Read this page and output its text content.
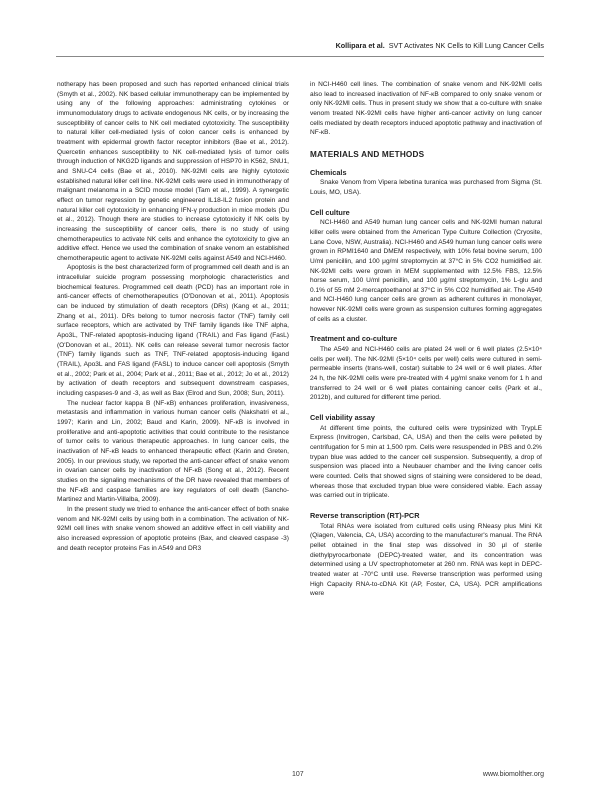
Kollipara et al. SVT Activates NK Cells to Kill Lung Cancer Cells

notherapy has been proposed and such has reported enhanced clinical trials (Smyth et al., 2002). NK based cellular immunotherapy can be implemented by using any of the following approaches: administrating cytokines or immunomodulatory drugs to activate endogenous NK cells, or by increasing the susceptibility of cancer cells to NK cell mediated cytotoxicity. The susceptibility to natural killer cell-mediated lysis of colon cancer cells is enhanced by treatment with epidermal growth factor receptor inhibitors (Bae et al., 2012). Quercetin enhances susceptibility to NK cell-mediated lysis of tumor cells through induction of NKG2D ligands and suppression of HSP70 in K562, SNU1, and SNU-C4 cells (Bae et al., 2010). NK-92MI cells are highly cytotoxic established natural killer cell line. NK-92MI cells were used in immunotherapy of malignant melanoma in a SCID mouse model (Tam et al., 1999). A synergetic effect on tumor regression by genetic engineered IL18-IL2 fusion protein and natural killer cell cytotoxicity in enhancing IFN-γ production in mice models (Du et al., 2012). Though there are studies to increase cytotoxicity if NK cells by increasing the susceptibility of cancer cells, there is no study of using chemotherapeutics to activate NK cells and enhance the cytotoxicity to give an additive effect. Hence we used the combination of snake venom an established chemotherapeutic agent to activate NK-92MI cells against A549 and NCI-H460.

Apoptosis is the best characterized form of programmed cell death and is an intracellular suicide program possessing morphologic characteristics and biochemical features. Programmed cell death (PCD) has an important role in anti-cancer effects of chemotherapeutics (O'Donovan et al., 2011). Apoptosis can be induced by stimulation of death receptors (DRs) (Kang et al., 2011; Zhang et al., 2011). DRs belong to tumor necrosis factor (TNF) family cell surface receptors, which are activated by TNF family ligands like TNF alpha, Apo3L, TNF-related apoptosis-inducing ligand (TRAIL) and Fas ligand (FasL) (O'Donovan et al., 2011). NK cells can release several tumor necrosis factor (TNF) family ligands such as TNF, TNF-related apoptosis-inducing ligand (TRAIL), Apo3L and FAS ligand (FASL) to induce cancer cell apoptosis (Smyth et al., 2002; Park et al., 2004; Park et al., 2011; Bae et al., 2012; Jo et al., 2012) by activation of death receptors and subsequent downstream caspases, including caspases-9 and -3, as well as Bax (Elrod and Sun, 2008; Sun, 2011).

The nuclear factor kappa B (NF-κB) enhances proliferation, invasiveness, metastasis and inflammation in various human cancer cells (Nakshatri et al., 1997; Karin and Lin, 2002; Baud and Karin, 2009). NF-κB is involved in proliferative and anti-apoptotic activities that could contribute to the resistance of tumor cells to various therapeutic approaches. In lung cancer cells, the inactivation of NF-κB leads to enhanced therapeutic effect (Karin and Greten, 2005). In our previous study, we reported the anti-cancer effect of snake venom in ovarian cancer cells by inactivation of NF-κB (Song et al., 2012). Recent studies on the signaling mechanisms of the DR have revealed that members of the NF-κB and caspase families are key regulators of cell death (Sancho-Martinez and Martin-Villalba, 2009).

In the present study we tried to enhance the anti-cancer effect of both snake venom and NK-92MI cells by using both in a combination. The activation of NK-92MI cell lines with snake venom showed an additive effect in cell viability and also increased expression of apoptotic proteins (Bax, and cleaved caspase -3) and death receptor proteins Fas in A549 and DR3

in NCI-H460 cell lines. The combination of snake venom and NK-92MI cells also lead to increased inactivation of NF-κB compared to only snake venom or only NK-92MI cells. Thus in present study we show that a co-culture with snake venom treated NK-92MI cells have higher anti-cancer activity on lung cancer cells mediated by death receptors induced apoptotic pathway and inactivation of NF-κB.

MATERIALS AND METHODS
Chemicals

Snake Venom from Vipera lebetina turanica was purchased from Sigma (St. Louis, MO, USA).

Cell culture

NCI-H460 and A549 human lung cancer cells and NK-92MI human natural killer cells were obtained from the American Type Culture Collection (Cryosite, Lane Cove, NSW, Australia). NCI-H460 and A549 human lung cancer cells were grown in RPMI1640 and DMEM respectively, with 10% fetal bovine serum, 100 U/ml penicillin, and 100 μg/ml streptomycin at 37°C in 5% CO2 humidified air. NK-92MI cells were grown in MEM supplemented with 12.5% FBS, 12.5% horse serum, 100 U/ml penicillin, and 100 μg/ml streptomycin, 1% L-glu and 0.1% of 55 mM 2-mercaptoethanol at 37°C in 5% CO2 humidified air. The A549 and NCI-H460 lung cancer cells are grown as adherent cultures in monolayer, however NK-92MI cells were grown as suspension cultures forming aggregates of cells as a cluster.

Treatment and co-culture

The A549 and NCI-H460 cells are plated 24 well or 6 well plates (2.5×10⁴ cells per well). The NK-92MI (5×10⁴ cells per well) cells were cultured in semi-permeable inserts (trans-well, costar) suitable to 24 well or 6 well plates. After 24 h, the NK-92MI cells were pre-treated with 4 μg/ml snake venom for 1 h and transferred to 24 well or 6 well plates containing cancer cells (Park et al., 2012b), and cultured for different time period.

Cell viability assay

At different time points, the cultured cells were trypsinized with TrypLE Express (Invitrogen, Carlsbad, CA, USA) and then the cells were pelleted by centrifugation for 5 min at 1,500 rpm. Cells were resuspended in PBS and 0.2% trypan blue was added to the cancer cell suspension. Subsequently, a drop of suspension was placed into a Neubauer chamber and the living cancer cells were counted. Cells that showed signs of staining were considered to be dead, whereas those that excluded trypan blue were considered viable. Each assay was carried out in triplicate.

Reverse transcription (RT)-PCR

Total RNAs were isolated from cultured cells using RNeasy plus Mini Kit (Qiagen, Valencia, CA, USA) according to the manufacturer's manual. The RNA pellet obtained in the final step was dissolved in 30 μl of sterile diethylpyrocarbonate (DEPC)-treated water, and its concentration was determined using a UV spectrophotometer at 260 nm. RNA was kept in DEPC-treated water at -70°C until use. Reverse transcription was performed using High Capacity RNA-to-cDNA Kit (AP, Foster, CA, USA). PCR amplifications were

107	www.biomolther.org
